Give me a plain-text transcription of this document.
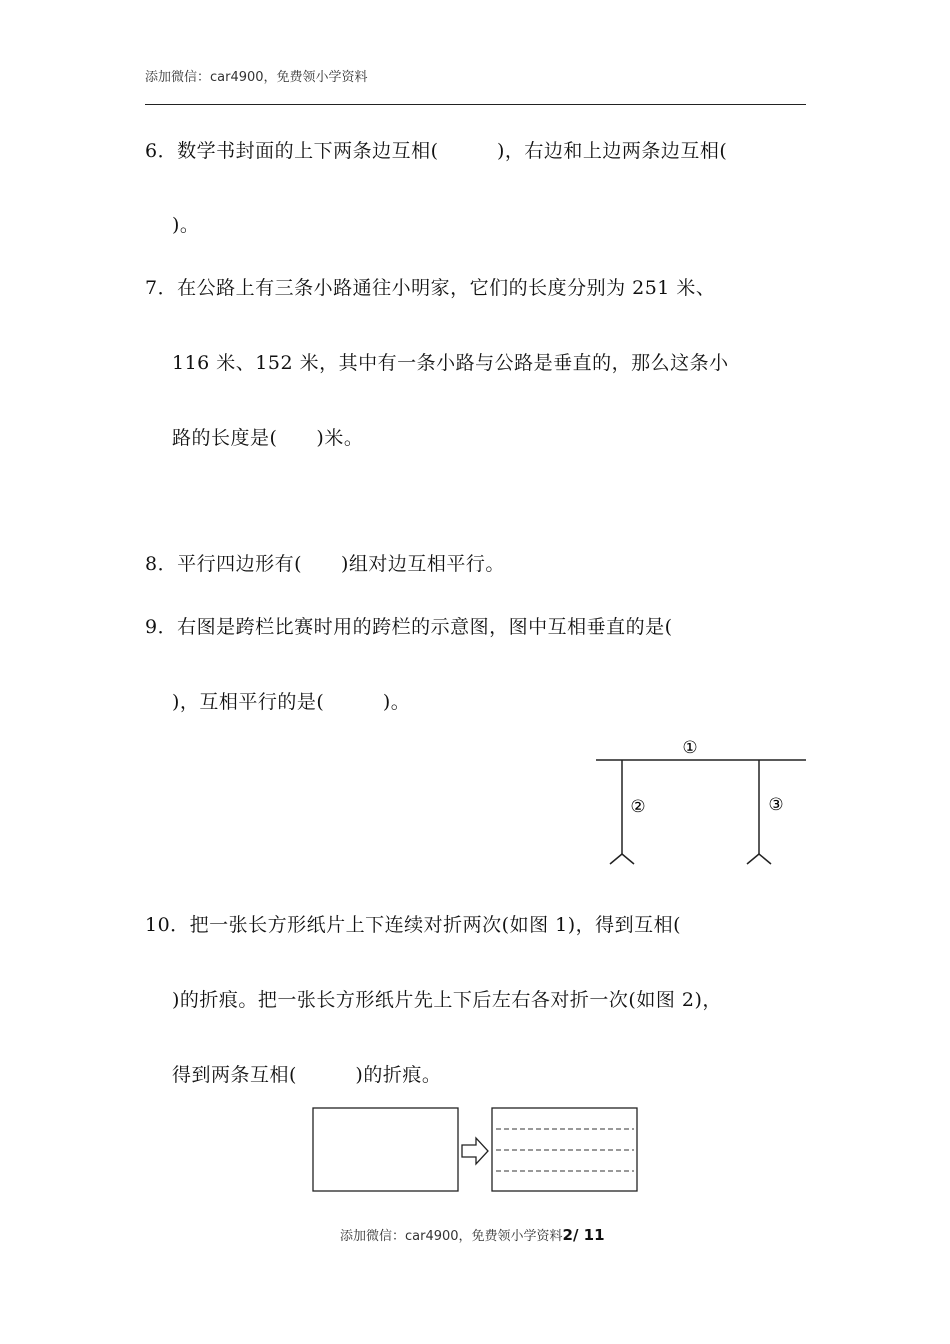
添加微信：car4900，免费领小学资料
6．数学书封面的上下两条边互相(　　　)，右边和上边两条边互相(
)。
7．在公路上有三条小路通往小明家，它们的长度分别为 251 米、
116 米、152 米，其中有一条小路与公路是垂直的，那么这条小
路的长度是(　　)米。
8．平行四边形有(　　)组对边互相平行。
9．右图是跨栏比赛时用的跨栏的示意图，图中互相垂直的是(
)，互相平行的是(　　　)。
①
②	③
10．把一张长方形纸片上下连续对折两次(如图 1)，得到互相(
)的折痕。把一张长方形纸片先上下后左右各对折一次(如图 2)，
得到两条互相(　　　)的折痕。
添加微信：car4900，免费领小学资料2/ 11
